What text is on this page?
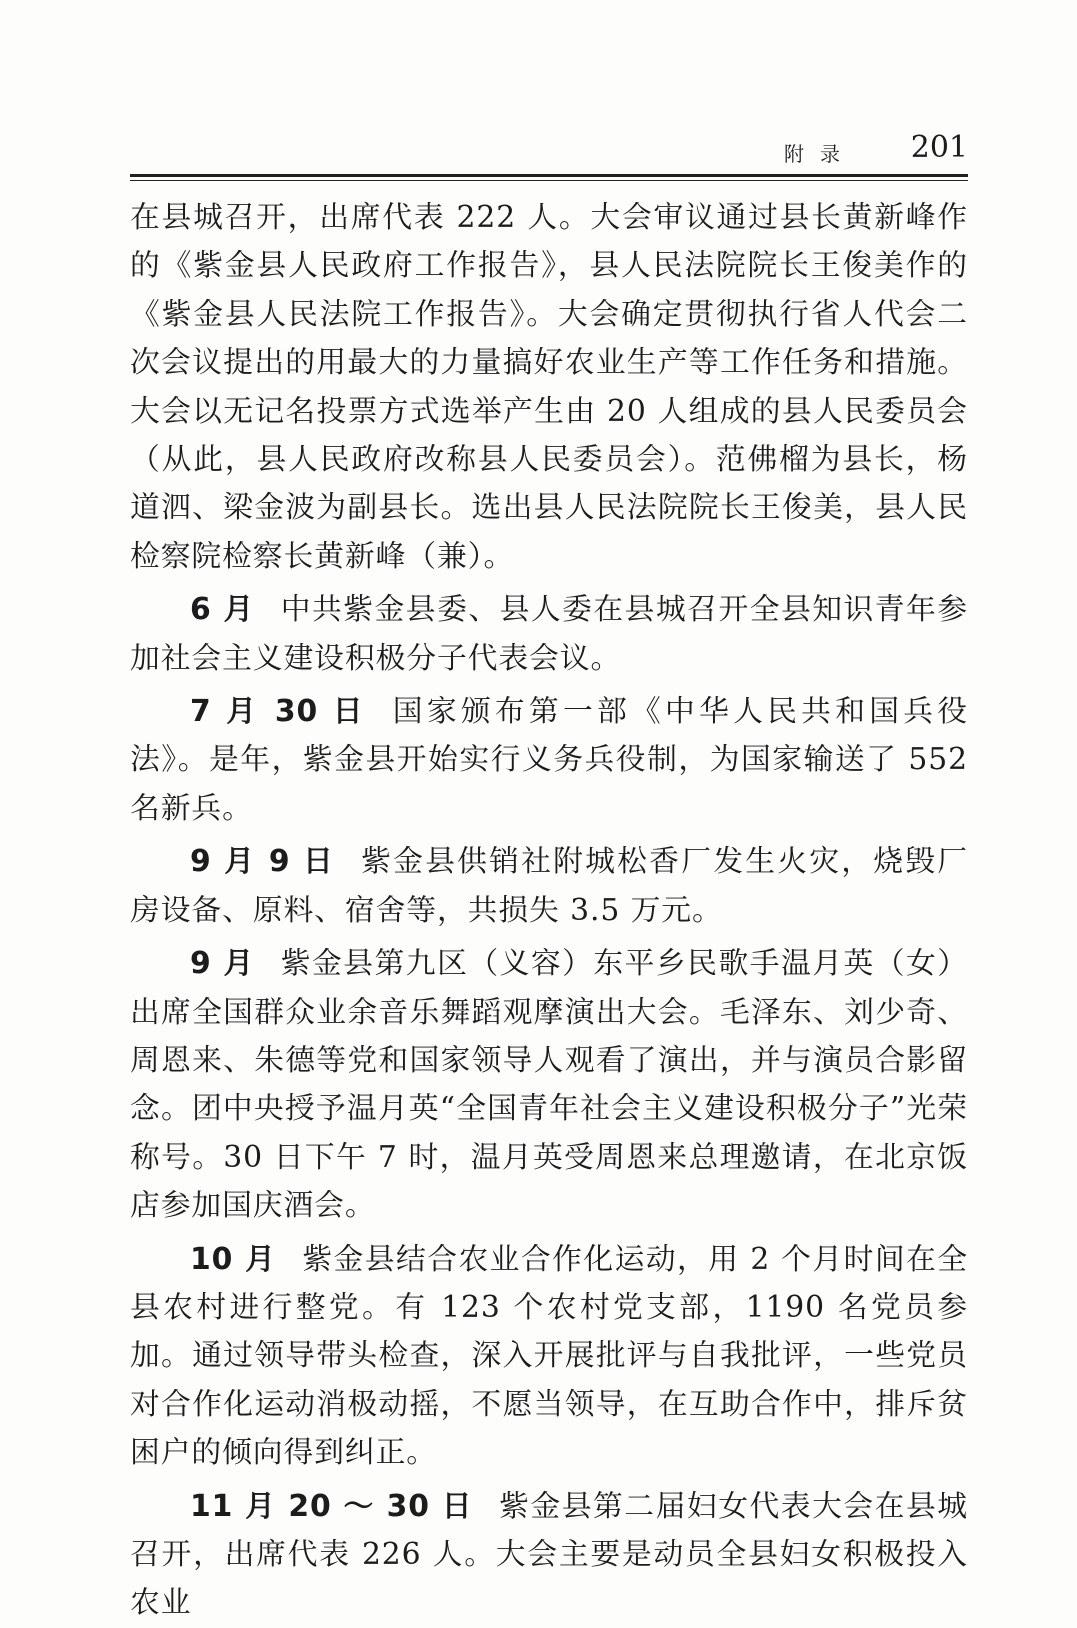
附录 201

在县城召开，出席代表 222 人。大会审议通过县长黄新峰作的《紫金县人民政府工作报告》，县人民法院院长王俊美作的《紫金县人民法院工作报告》。大会确定贯彻执行省人代会二次会议提出的用最大的力量搞好农业生产等工作任务和措施。大会以无记名投票方式选举产生由 20 人组成的县人民委员会（从此，县人民政府改称县人民委员会）。范佛榴为县长，杨道泗、梁金波为副县长。选出县人民法院院长王俊美，县人民检察院检察长黄新峰（兼）。

6 月 中共紫金县委、县人委在县城召开全县知识青年参加社会主义建设积极分子代表会议。

7 月 30 日 国家颁布第一部《中华人民共和国兵役法》。是年，紫金县开始实行义务兵役制，为国家输送了 552 名新兵。

9 月 9 日 紫金县供销社附城松香厂发生火灾，烧毁厂房设备、原料、宿舍等，共损失 3.5 万元。

9 月 紫金县第九区（义容）东平乡民歌手温月英（女）出席全国群众业余音乐舞蹈观摩演出大会。毛泽东、刘少奇、周恩来、朱德等党和国家领导人观看了演出，并与演员合影留念。团中央授予温月英“全国青年社会主义建设积极分子”光荣称号。30 日下午 7 时，温月英受周恩来总理邀请，在北京饭店参加国庆酒会。

10 月 紫金县结合农业合作化运动，用 2 个月时间在全县农村进行整党。有 123 个农村党支部，1190 名党员参加。通过领导带头检查，深入开展批评与自我批评，一些党员对合作化运动消极动摇，不愿当领导，在互助合作中，排斥贫困户的倾向得到纠正。

11 月 20 ～ 30 日 紫金县第二届妇女代表大会在县城召开，出席代表 226 人。大会主要是动员全县妇女积极投入农业
